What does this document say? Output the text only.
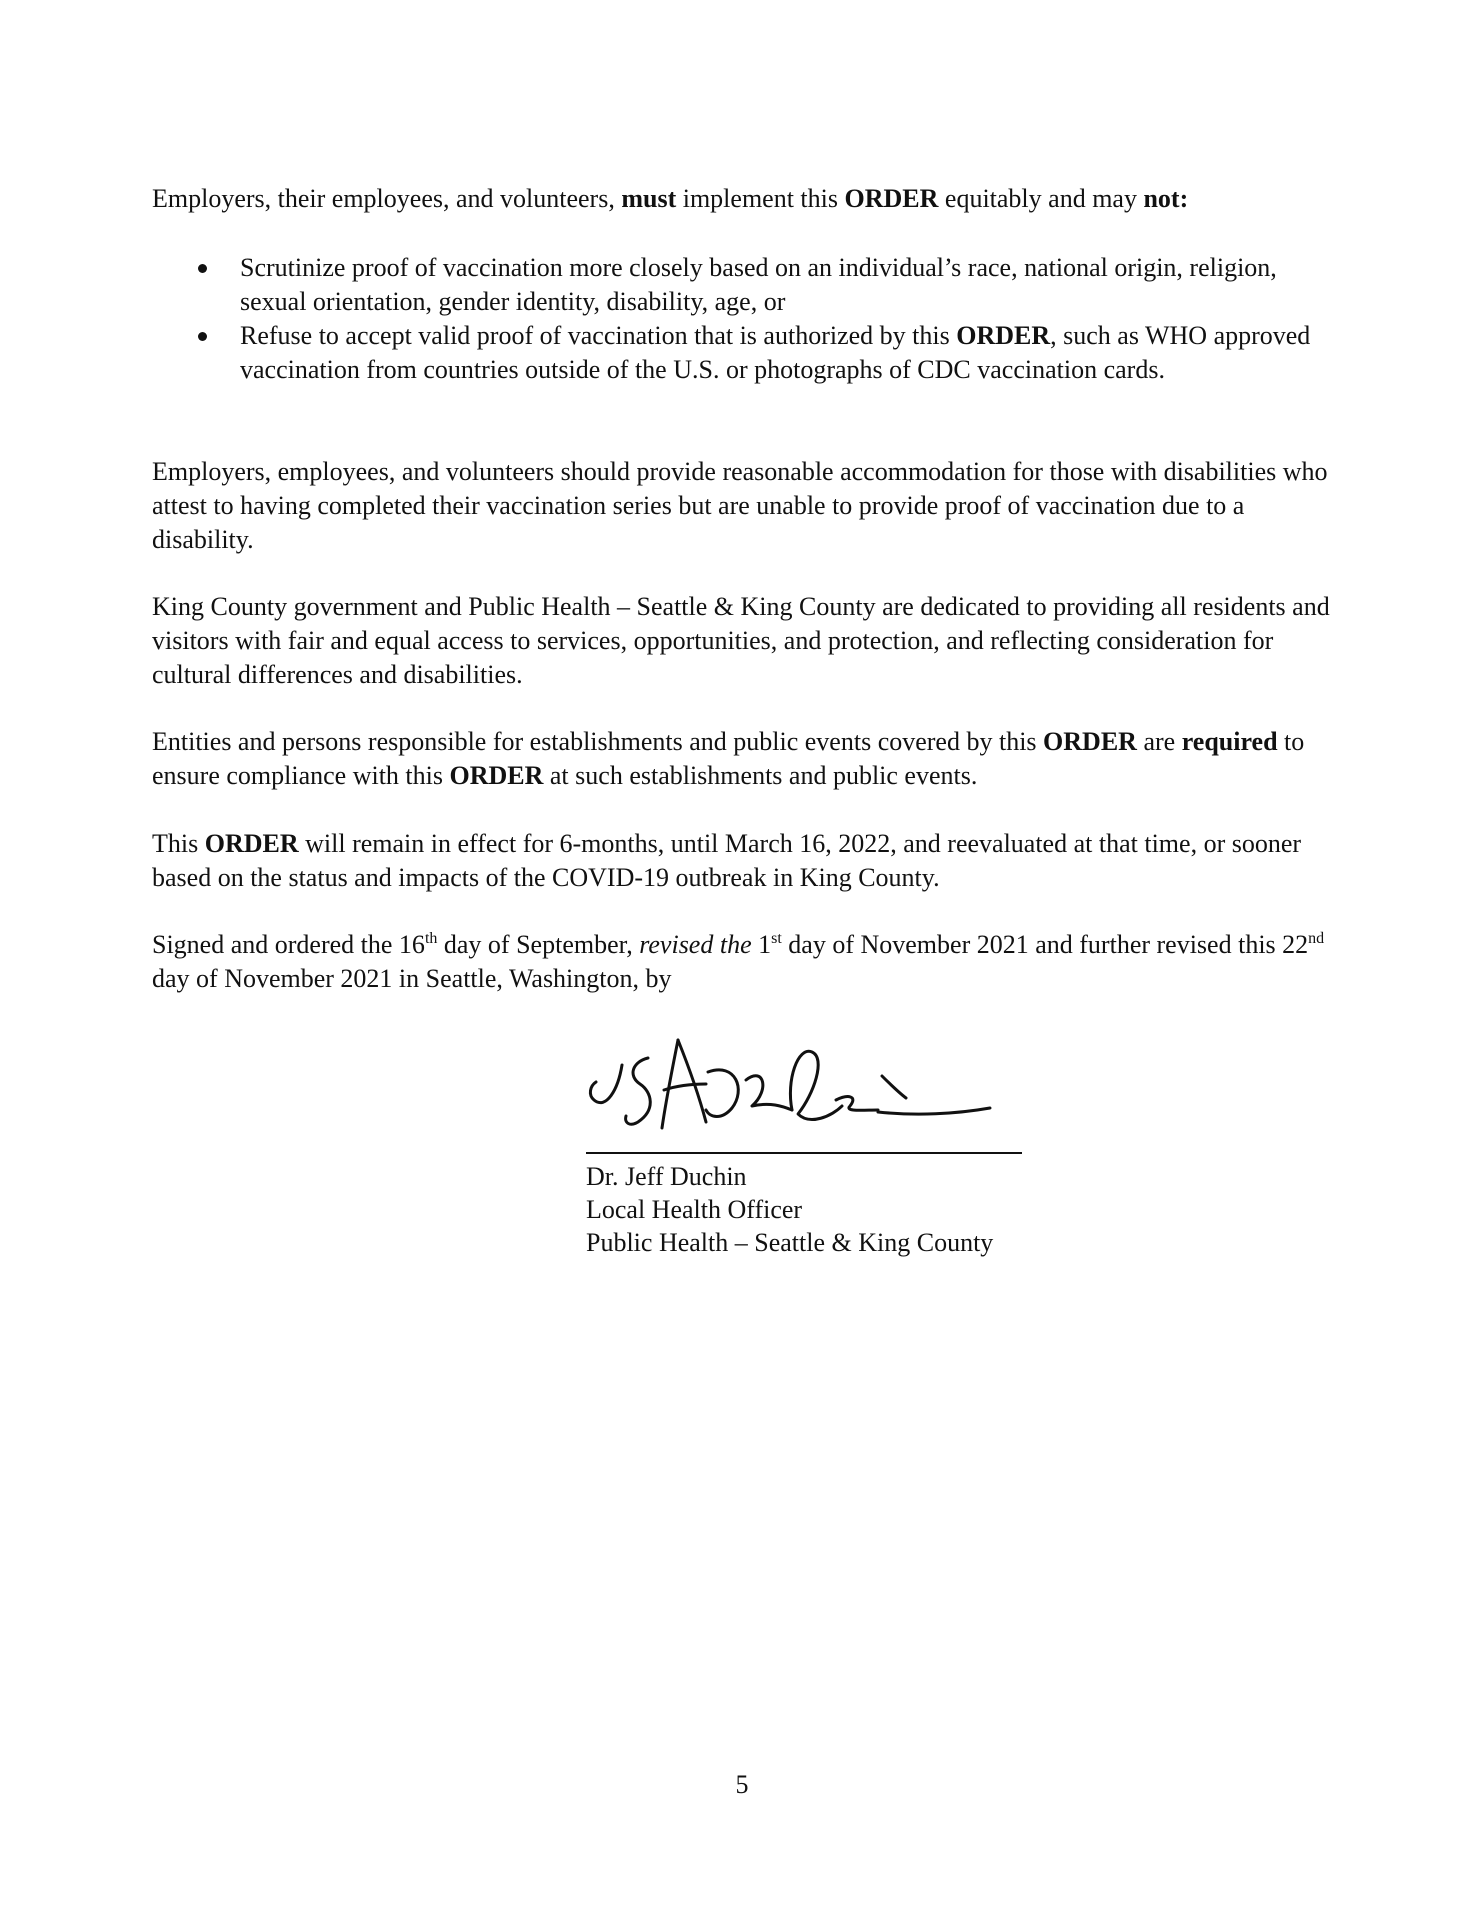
Employers, their employees, and volunteers, must implement this ORDER equitably and may not:

Scrutinize proof of vaccination more closely based on an individual’s race, national origin, religion, sexual orientation, gender identity, disability, age, or
Refuse to accept valid proof of vaccination that is authorized by this ORDER, such as WHO approved vaccination from countries outside of the U.S. or photographs of CDC vaccination cards.

Employers, employees, and volunteers should provide reasonable accommodation for those with disabilities who attest to having completed their vaccination series but are unable to provide proof of vaccination due to a disability.

King County government and Public Health – Seattle & King County are dedicated to providing all residents and visitors with fair and equal access to services, opportunities, and protection, and reflecting consideration for cultural differences and disabilities.

Entities and persons responsible for establishments and public events covered by this ORDER are required to ensure compliance with this ORDER at such establishments and public events.

This ORDER will remain in effect for 6-months, until March 16, 2022, and reevaluated at that time, or sooner based on the status and impacts of the COVID-19 outbreak in King County.

Signed and ordered the 16th day of September, revised the 1st day of November 2021 and further revised this 22nd day of November 2021 in Seattle, Washington, by

Dr. Jeff Duchin
Local Health Officer
Public Health – Seattle & King County
5
